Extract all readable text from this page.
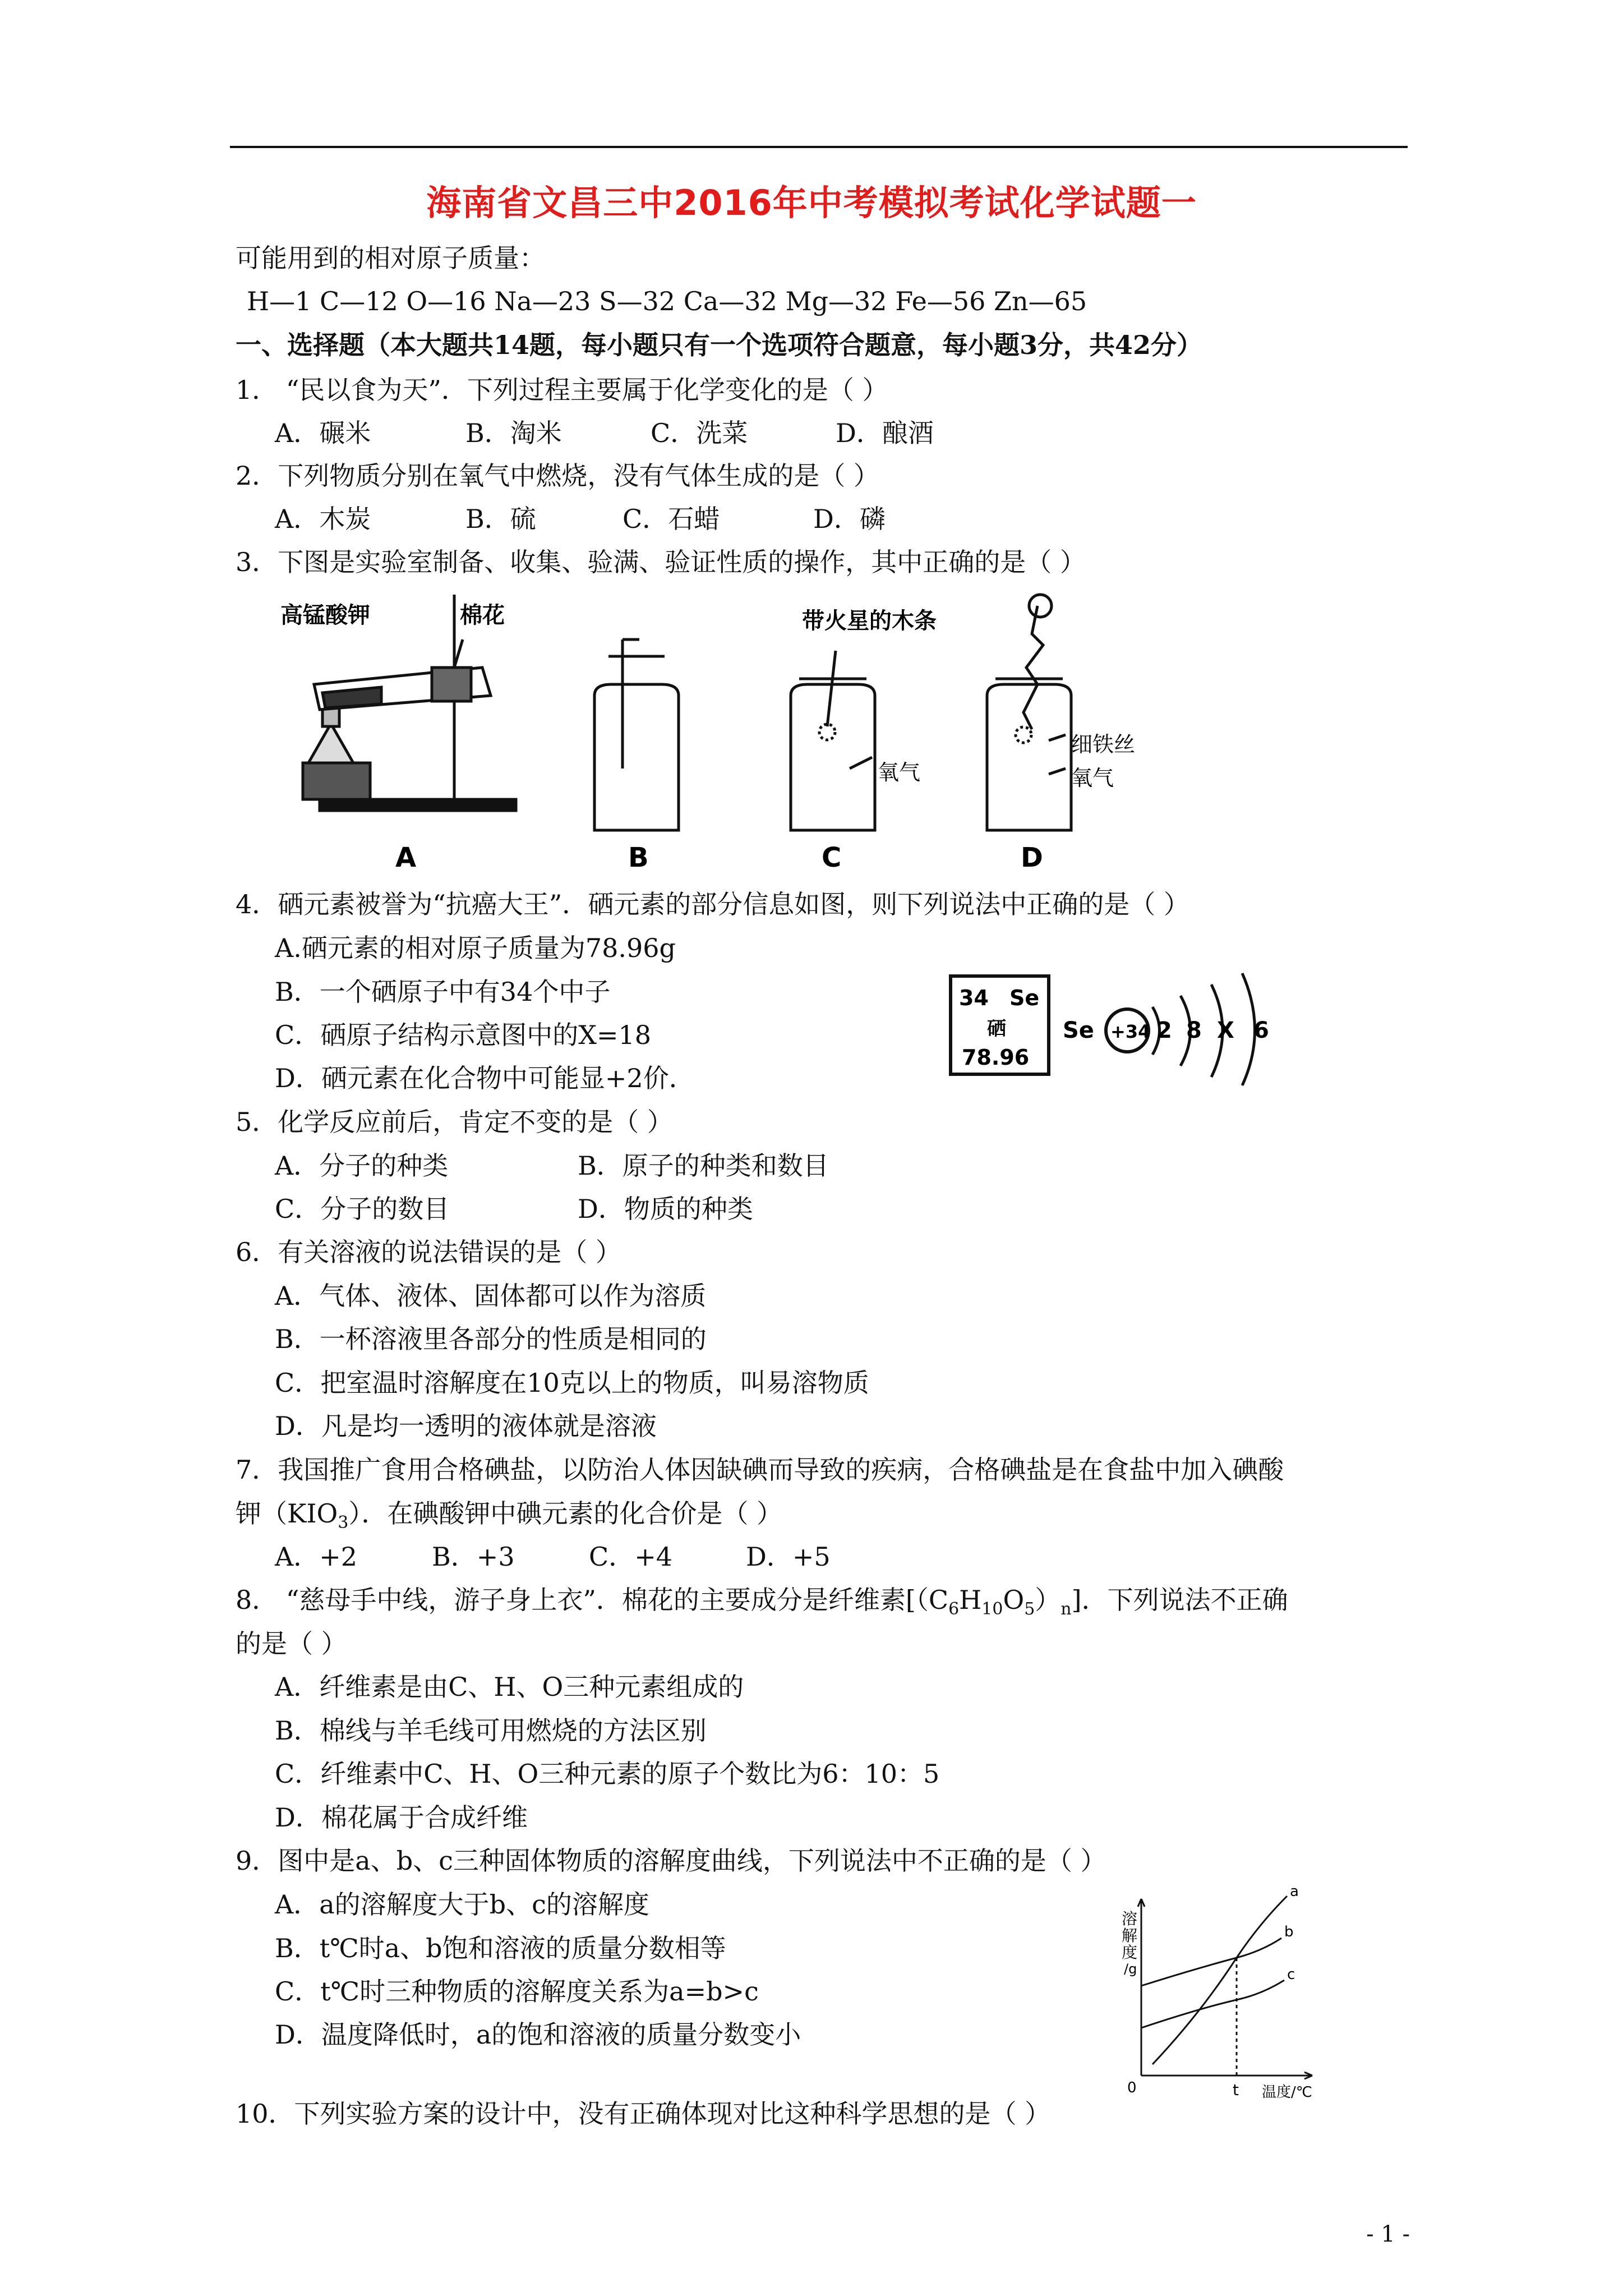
海南省文昌三中2016年中考模拟考试化学试题一
可能用到的相对原子质量：
H—1 C—12 O—16 Na—23 S—32 Ca—32 Mg—32 Fe—56 Zn—65
一、选择题（本大题共14题，每小题只有一个选项符合题意，每小题3分，共42分）
1． “民以食为天”．下列过程主要属于化学变化的是（ ）
A．碾米	B．淘米	C．洗菜	D．酿酒
2．下列物质分别在氧气中燃烧，没有气体生成的是（ ）
A．木炭	B．硫	C．石蜡	D．磷
3．下图是实验室制备、收集、验满、验证性质的操作，其中正确的是（ ）
高锰酸钾	棉花
A	B
带火星的木条
氧气
C
细铁丝
氧气
D
4．硒元素被誉为“抗癌大王”．硒元素的部分信息如图，则下列说法中正确的是（ ）
A.硒元素的相对原子质量为78.96g
B．一个硒原子中有34个中子
C．硒原子结构示意图中的X=18
D．硒元素在化合物中可能显+2价．
34 Se
硒
78.96
Se +34 2 8 X 6
5．化学反应前后，肯定不变的是（ ）
A．分子的种类	B．原子的种类和数目
C．分子的数目	D．物质的种类
6．有关溶液的说法错误的是（ ）
A．气体、液体、固体都可以作为溶质
B．一杯溶液里各部分的性质是相同的
C．把室温时溶解度在10克以上的物质，叫易溶物质
D．凡是均一透明的液体就是溶液
7．我国推广食用合格碘盐，以防治人体因缺碘而导致的疾病，合格碘盐是在食盐中加入碘酸
钾$(KIO_3)$．在碘酸钾中碘元素的化合价是（ ）
A．+2	B．+3	C．+4	D．+5
8． “慈母手中线，游子身上衣”．棉花的主要成分是纤维素$[(C_6H_{10}O_5)_n]$．下列说法不正确
的是（ ）
A．纤维素是由C、H、O三种元素组成的
B．棉线与羊毛线可用燃烧的方法区别
C．纤维素中C、H、O三种元素的原子个数比为6：10：5
D．棉花属于合成纤维
9．图中是a、b、c三种固体物质的溶解度曲线，下列说法中不正确的是（ ）
A．a的溶解度大于b、c的溶解度
B．t℃时a、b饱和溶液的质量分数相等
C．t℃时三种物质的溶解度关系为a=b>c
D．温度降低时，a的饱和溶液的质量分数变小
溶
解
度
/g
a
b
c
0	t 温度/℃
10．下列实验方案的设计中，没有正确体现对比这种科学思想的是（ ）
- 1 -
